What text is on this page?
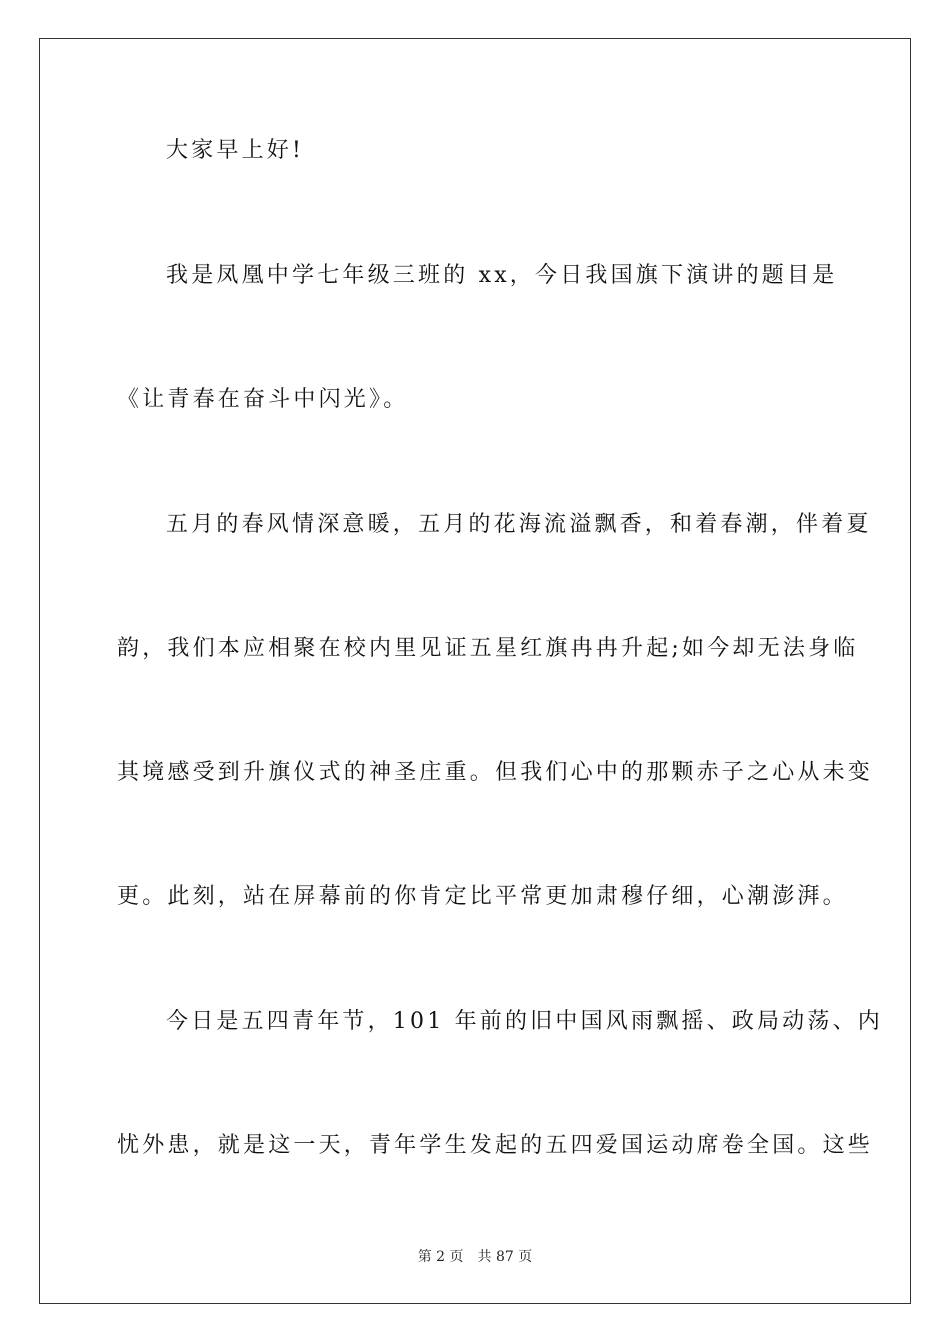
大家早上好!
我是凤凰中学七年级三班的 xx，今日我国旗下演讲的题目是
《让青春在奋斗中闪光》。
五月的春风情深意暖，五月的花海流溢飘香，和着春潮，伴着夏
韵，我们本应相聚在校内里见证五星红旗冉冉升起;如今却无法身临
其境感受到升旗仪式的神圣庄重。但我们心中的那颗赤子之心从未变
更。此刻，站在屏幕前的你肯定比平常更加肃穆仔细，心潮澎湃。
今日是五四青年节，101 年前的旧中国风雨飘摇、政局动荡、内
忧外患，就是这一天，青年学生发起的五四爱国运动席卷全国。这些
第 2 页 共 87 页
